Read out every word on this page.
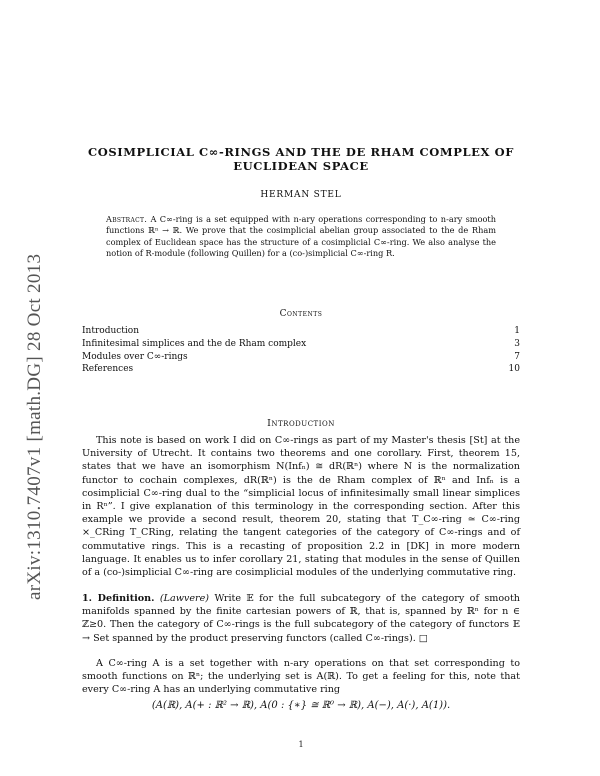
arXiv:1310.7407v1 [math.DG] 28 Oct 2013
COSIMPLICIAL C∞-RINGS AND THE DE RHAM COMPLEX OF EUCLIDEAN SPACE
HERMAN STEL
Abstract. A C∞-ring is a set equipped with n-ary operations corresponding to n-ary smooth functions ℝⁿ → ℝ. We prove that the cosimplicial abelian group associated to the de Rham complex of Euclidean space has the structure of a cosimplicial C∞-ring. We also analyse the notion of R-module (following Quillen) for a (co-)simplicial C∞-ring R.
Contents
Introduction	1
Infinitesimal simplices and the de Rham complex	3
Modules over C∞-rings	7
References	10
Introduction
This note is based on work I did on C∞-rings as part of my Master's thesis [St] at the University of Utrecht. It contains two theorems and one corollary. First, theorem 15, states that we have an isomorphism N(Infₙ) ≅ dR(ℝⁿ) where N is the normalization functor to cochain complexes, dR(ℝⁿ) is the de Rham complex of ℝⁿ and Infₙ is a cosimplicial C∞-ring dual to the “simplicial locus of infinitesimally small linear simplices in Rⁿ”. I give explanation of this terminology in the corresponding section. After this example we provide a second result, theorem 20, stating that T_C∞-ring ≃ C∞-ring ×_CRing T_CRing, relating the tangent categories of the category of C∞-rings and of commutative rings. This is a recasting of proposition 2.2 in [DK] in more modern language. It enables us to infer corollary 21, stating that modules in the sense of Quillen of a (co-)simplicial C∞-ring are cosimplicial modules of the underlying commutative ring.
1. Definition. (Lawvere) Write 𝔼 for the full subcategory of the category of smooth manifolds spanned by the finite cartesian powers of ℝ, that is, spanned by ℝⁿ for n ∈ ℤ≥0. Then the category of C∞-rings is the full subcategory of the category of functors 𝔼 → Set spanned by the product preserving functors (called C∞-rings). □
A C∞-ring A is a set together with n-ary operations on that set corresponding to smooth functions on ℝⁿ; the underlying set is A(ℝ). To get a feeling for this, note that every C∞-ring A has an underlying commutative ring
(A(ℝ), A(+ : ℝ² → ℝ), A(0 : {∗} ≅ ℝ⁰ → ℝ), A(−), A(·), A(1)).
1
